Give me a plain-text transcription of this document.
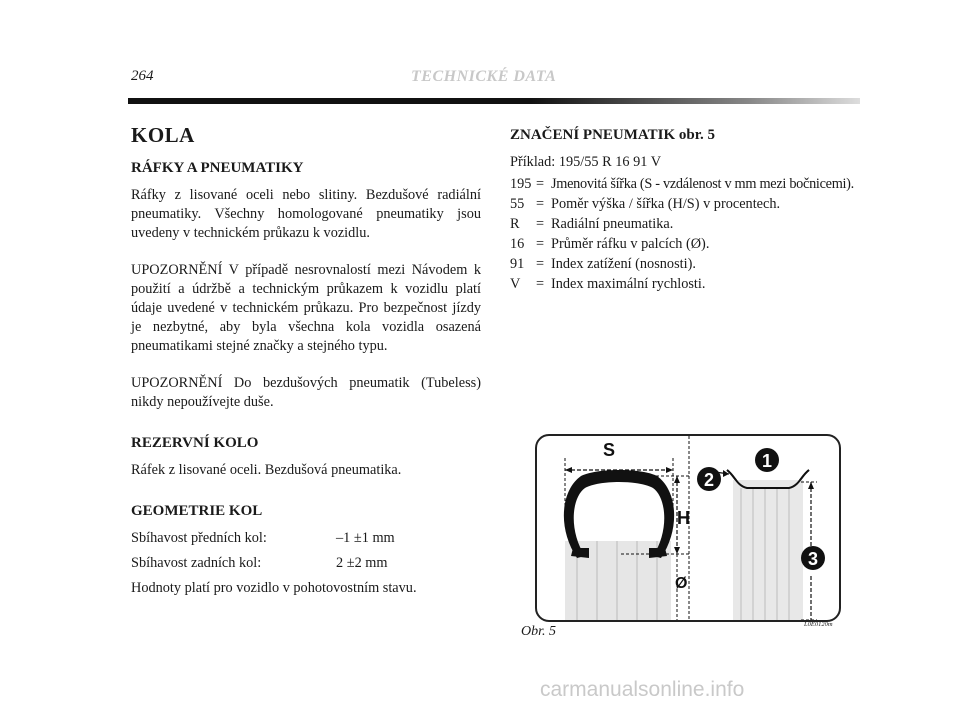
264	TECHNICKÉ DATA
KOLA
RÁFKY A PNEUMATIKY

Ráfky z lisované oceli nebo slitiny. Bezdušové radiální pneumatiky. Všechny homologované pneumatiky jsou uvedeny v technickém průkazu k vozidlu.

UPOZORNĚNÍ V případě nesrovnalostí mezi Návodem k použití a údržbě a technickým průkazem k vozidlu platí údaje uvedené v technickém průkazu. Pro bezpečnost jízdy je nezbytné, aby byla všechna kola vozidla osazená pneumatikami stejné značky a stejného typu.

UPOZORNĚNÍ Do bezdušových pneumatik (Tubeless) nikdy nepoužívejte duše.

REZERVNÍ KOLO

Ráfek z lisované oceli. Bezdušová pneumatika.

GEOMETRIE KOL
Sbíhavost předních kol:	–1 ±1 mm
Sbíhavost zadních kol:	2 ±2 mm

Hodnoty platí pro vozidlo v pohotovostním stavu.

ZNAČENÍ PNEUMATIK obr. 5

Příklad: 195/55 R 16 91 V

195 = Jmenovitá šířka (S - vzdálenost v mm mezi bočnicemi).
55 = Poměr výška / šířka (H/S) v procentech.
R	= Radiální pneumatika.
16 = Průměr ráfku v palcích (Ø).
91 = Index zatížení (nosnosti).
V	= Index maximální rychlosti.
S
H
Ø
1
2
3
Obr. 5	L0E0120m
carmanualsonline.info
